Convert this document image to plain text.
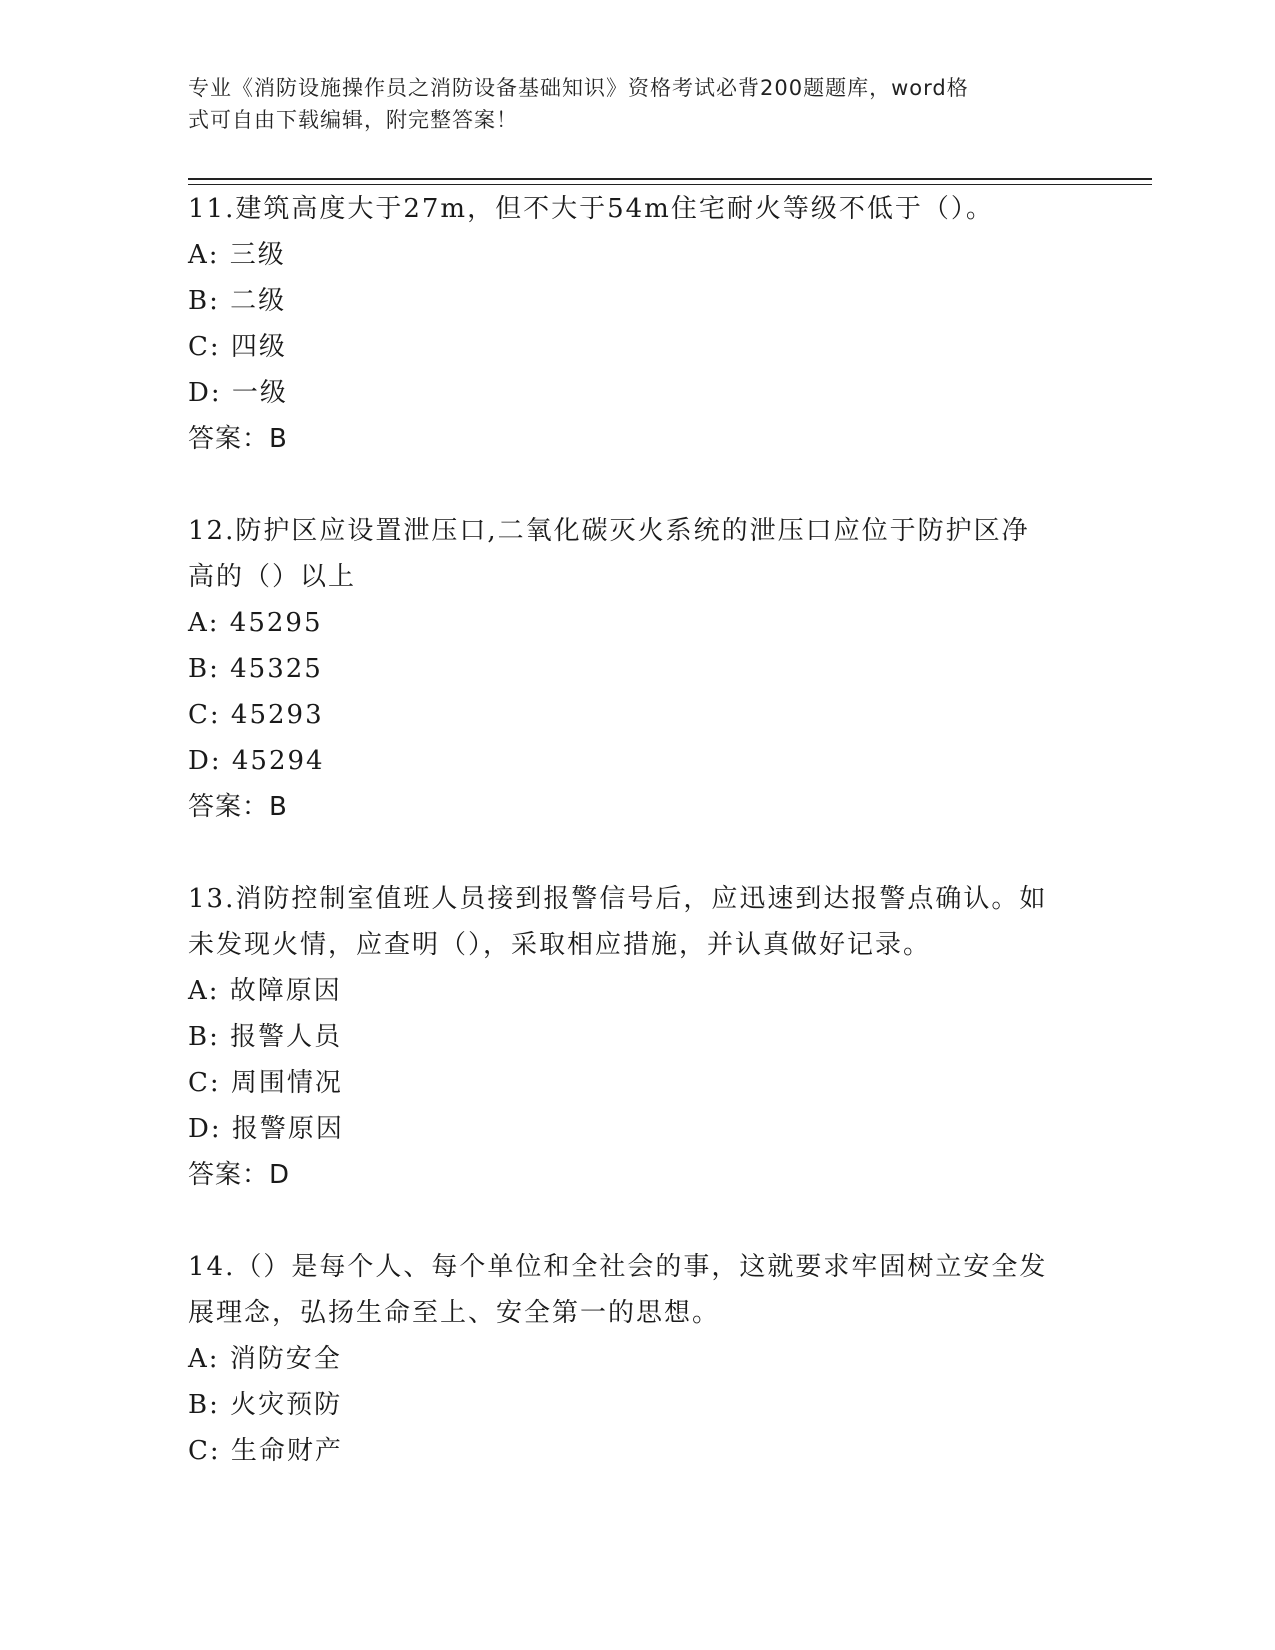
专业《消防设施操作员之消防设备基础知识》资格考试必背200题题库，word格
式可自由下载编辑，附完整答案！
11.建筑高度大于27m，但不大于54m住宅耐火等级不低于（）。
A: 三级
B: 二级
C: 四级
D: 一级
答案：B
12.防护区应设置泄压口,二氧化碳灭火系统的泄压口应位于防护区净
高的（）以上
A: 45295
B: 45325
C: 45293
D: 45294
答案：B
13.消防控制室值班人员接到报警信号后，应迅速到达报警点确认。如
未发现火情，应查明（），采取相应措施，并认真做好记录。
A: 故障原因
B: 报警人员
C: 周围情况
D: 报警原因
答案：D
14.（）是每个人、每个单位和全社会的事，这就要求牢固树立安全发
展理念，弘扬生命至上、安全第一的思想。
A: 消防安全
B: 火灾预防
C: 生命财产
